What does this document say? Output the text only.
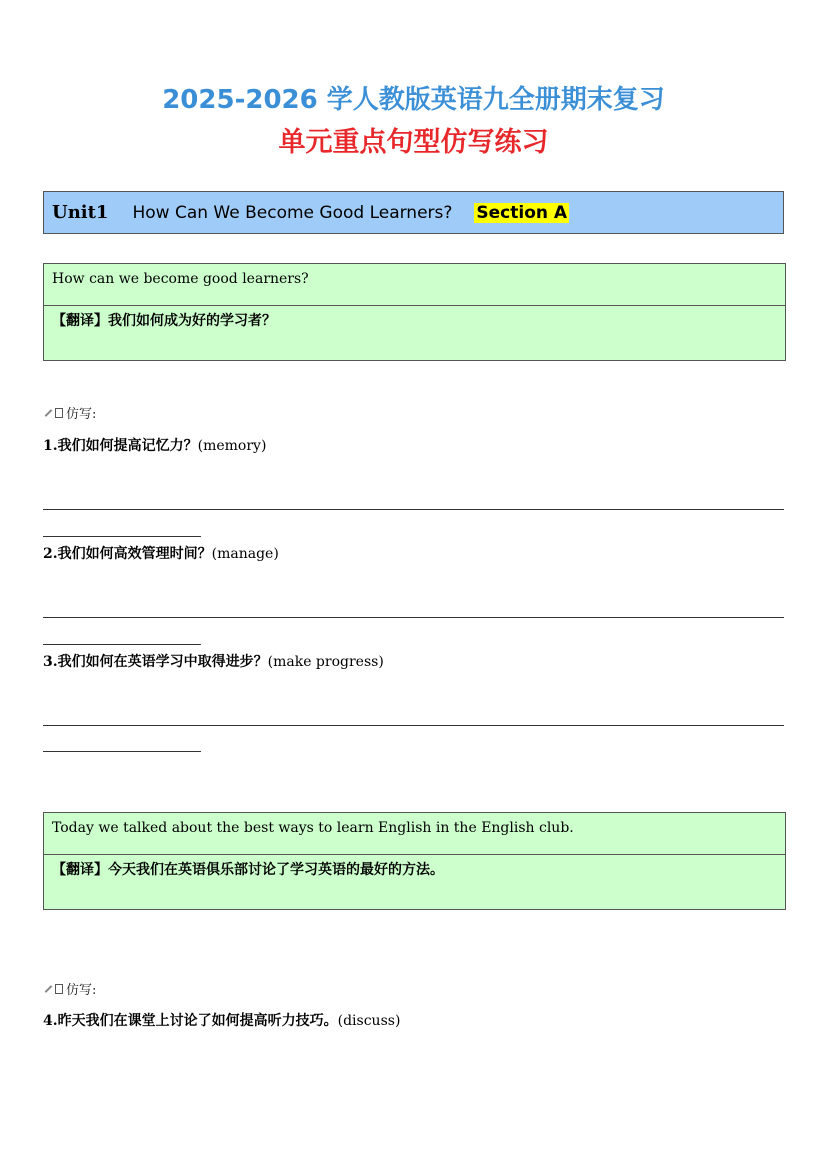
2025-2026 学人教版英语九全册期末复习
单元重点句型仿写练习
Unit1 How Can We Become Good Learners? Section A
How can we become good learners?
【翻译】我们如何成为好的学习者？
仿写:
1.我们如何提高记忆力？(memory)
2.我们如何高效管理时间？(manage)
3.我们如何在英语学习中取得进步？(make progress)
Today we talked about the best ways to learn English in the English club.
【翻译】今天我们在英语俱乐部讨论了学习英语的最好的方法。
仿写:
4.昨天我们在课堂上讨论了如何提高听力技巧。(discuss)
